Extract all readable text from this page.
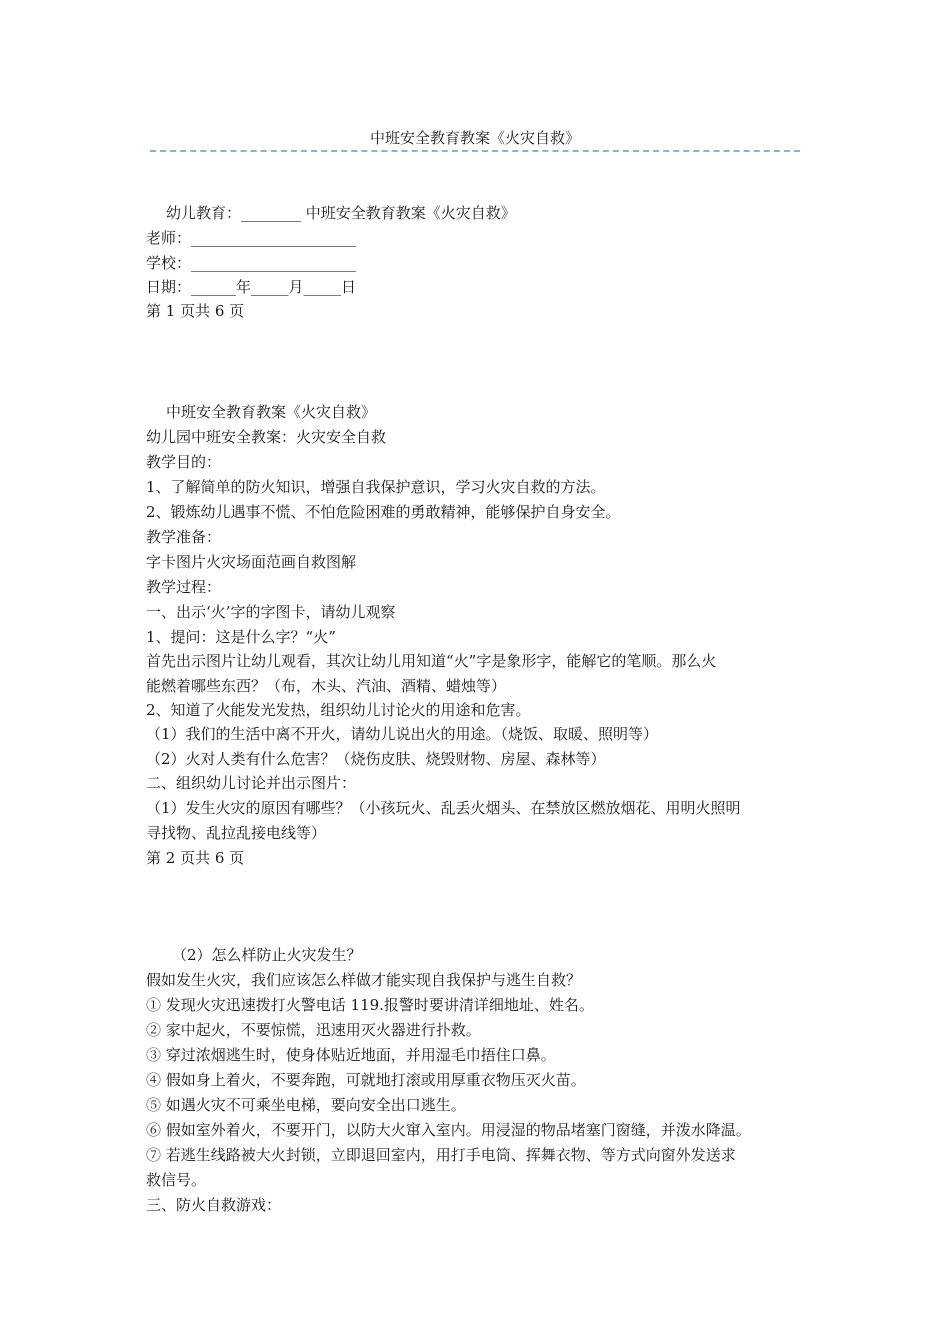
中班安全教育教案《火灾自救》
幼儿教育：________ 中班安全教育教案《火灾自救》
老师：______________________
学校：______________________
日期：______年_____月_____日
第 1 页共 6 页
中班安全教育教案《火灾自救》
幼儿园中班安全教案：火灾安全自救
教学目的：
1、了解简单的防火知识，增强自我保护意识，学习火灾自救的方法。
2、锻炼幼儿遇事不慌、不怕危险困难的勇敢精神，能够保护自身安全。
教学准备：
字卡图片火灾场面范画自救图解
教学过程：
一、出示‘火’字的字图卡，请幼儿观察
1、提问：这是什么字？“火”
首先出示图片让幼儿观看，其次让幼儿用知道“火”字是象形字，能解它的笔顺。那么火
能燃着哪些东西？（布，木头、汽油、酒精、蜡烛等）
2、知道了火能发光发热，组织幼儿讨论火的用途和危害。
（1）我们的生活中离不开火，请幼儿说出火的用途。（烧饭、取暖、照明等）
（2）火对人类有什么危害？（烧伤皮肤、烧毁财物、房屋、森林等）
二、组织幼儿讨论并出示图片：
（1）发生火灾的原因有哪些？（小孩玩火、乱丢火烟头、在禁放区燃放烟花、用明火照明
寻找物、乱拉乱接电线等）
第 2 页共 6 页
（2）怎么样防止火灾发生？
假如发生火灾，我们应该怎么样做才能实现自我保护与逃生自救？
① 发现火灾迅速拨打火警电话 119.报警时要讲清详细地址、姓名。
② 家中起火，不要惊慌，迅速用灭火器进行扑救。
③ 穿过浓烟逃生时，使身体贴近地面，并用湿毛巾捂住口鼻。
④ 假如身上着火，不要奔跑，可就地打滚或用厚重衣物压灭火苗。
⑤ 如遇火灾不可乘坐电梯，要向安全出口逃生。
⑥ 假如室外着火，不要开门，以防大火窜入室内。用浸湿的物品堵塞门窗缝，并泼水降温。
⑦ 若逃生线路被大火封锁，立即退回室内，用打手电筒、挥舞衣物、等方式向窗外发送求
救信号。
三、防火自救游戏：
